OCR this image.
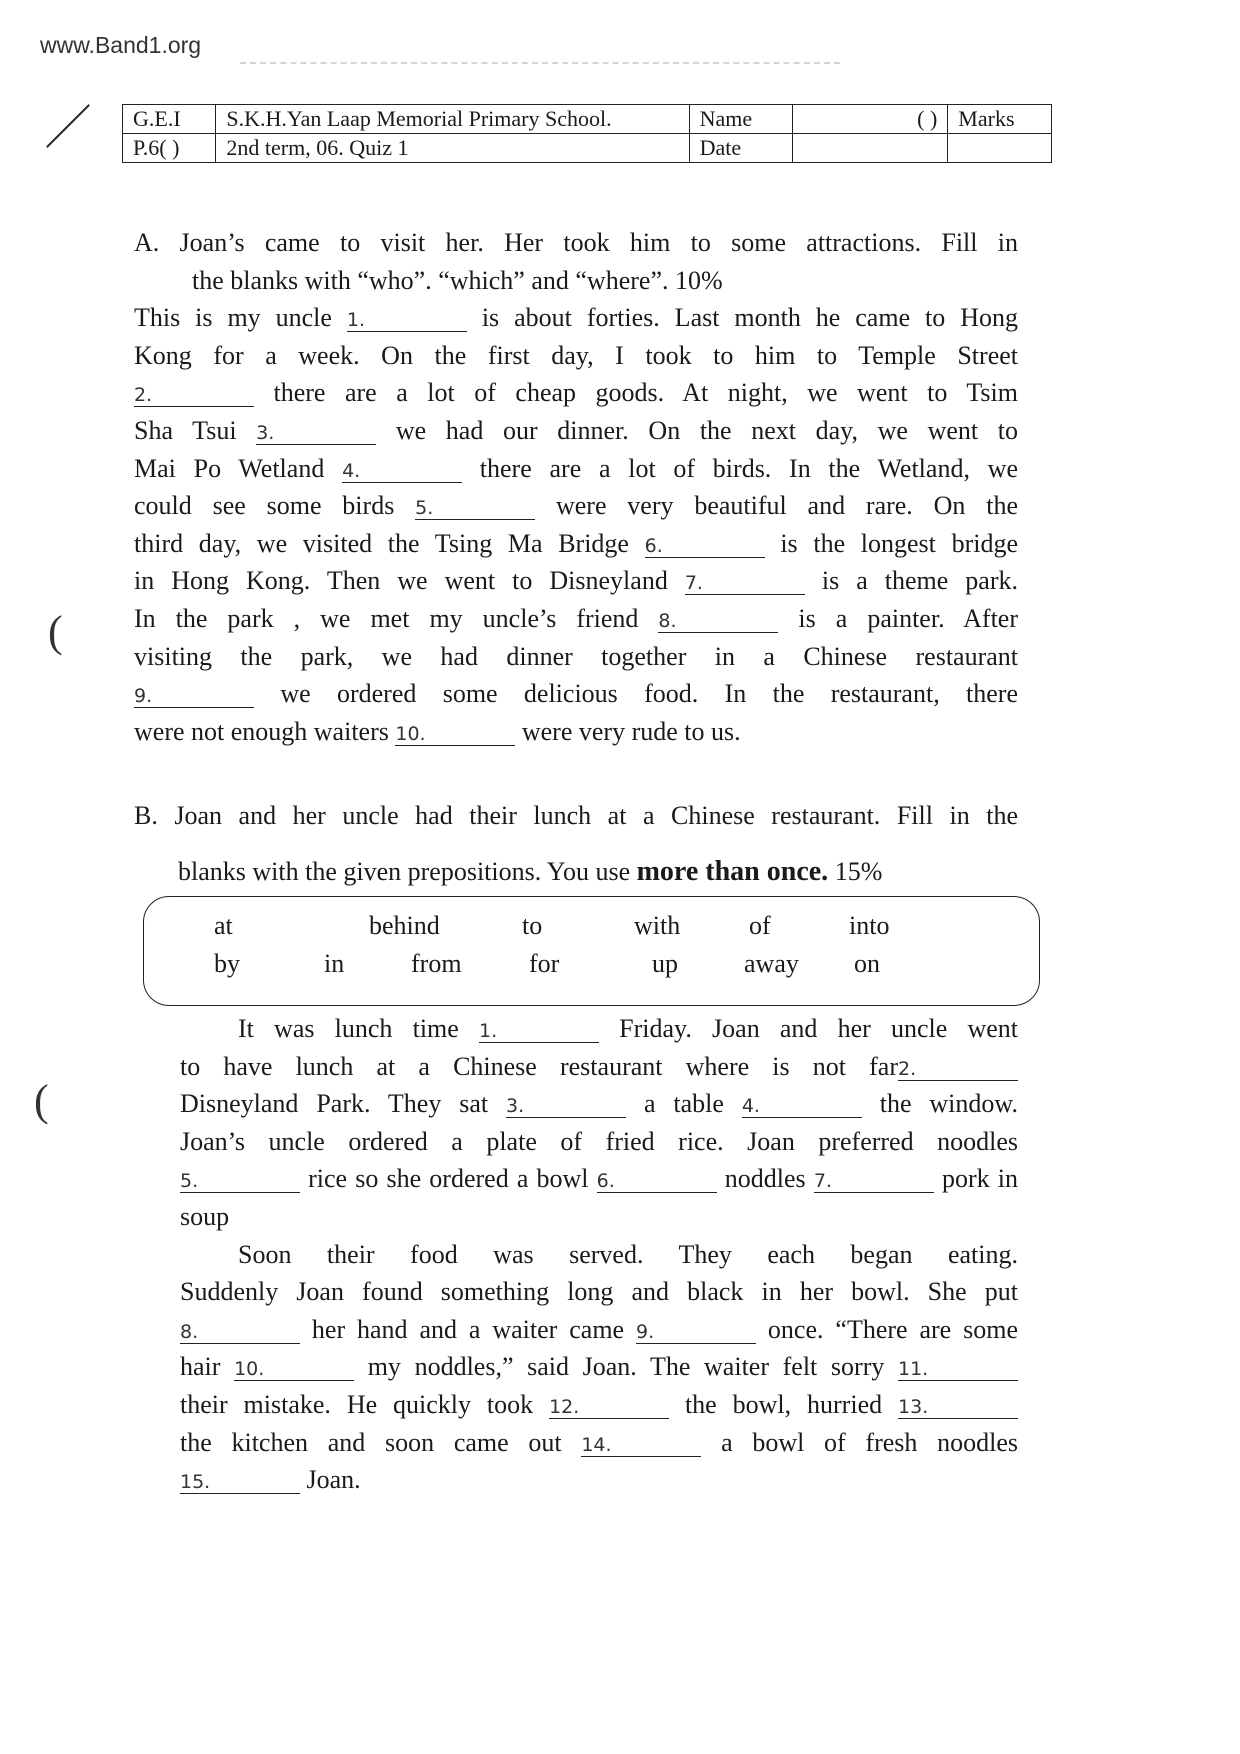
www.Band1.org
G.E.I	S.K.H.Yan Laap Memorial Primary School.	Name	( )	Marks
P.6( )	2nd term, 06. Quiz 1	Date		
A. Joan’s came to visit her. Her took him to some attractions. Fill in
the blanks with “who”. “which” and “where”. 10%
This is my uncle 1.	is about forties. Last month he came to Hong
Kong for a week. On the first day, I took to him to Temple Street
2.	there are a lot of cheap goods. At night, we went to Tsim
Sha Tsui 3.	we had our dinner. On the next day, we went to
Mai Po Wetland 4.	there are a lot of birds. In the Wetland, we
could see some birds 5.	were very beautiful and rare. On the
third day, we visited the Tsing Ma Bridge 6.	is the longest bridge
in Hong Kong. Then we went to Disneyland 7.	is a theme park.
In the park , we met my uncle’s friend 8.	is a painter. After
visiting the park, we had dinner together in a Chinese restaurant
9.	we ordered some delicious food. In the restaurant, there
were not enough waiters 10.	were very rude to us.
B. Joan and her uncle had their lunch at a Chinese restaurant. Fill in the
blanks with the given prepositions. You use more than once. 15%
at	behind	to	with	of	into
by	in	from	for	up	away on
It was lunch time 1.	Friday. Joan and her uncle went
to have lunch at a Chinese restaurant where is not far2.
Disneyland Park. They sat 3.	a table 4.	the window.
Joan’s uncle ordered a plate of fried rice. Joan preferred noodles
5.	rice so she ordered a bowl 6.	noddles 7.	pork in
soup
Soon their food was served. They each began eating.
Suddenly Joan found something long and black in her bowl. She put
8.	her hand and a waiter came 9.	once. “There are some
hair 10.	my noddles,” said Joan. The waiter felt sorry 11.
their mistake. He quickly took 12.	the bowl, hurried 13.
the kitchen and soon came out 14.	a bowl of fresh noodles
15.	Joan.
(
(
